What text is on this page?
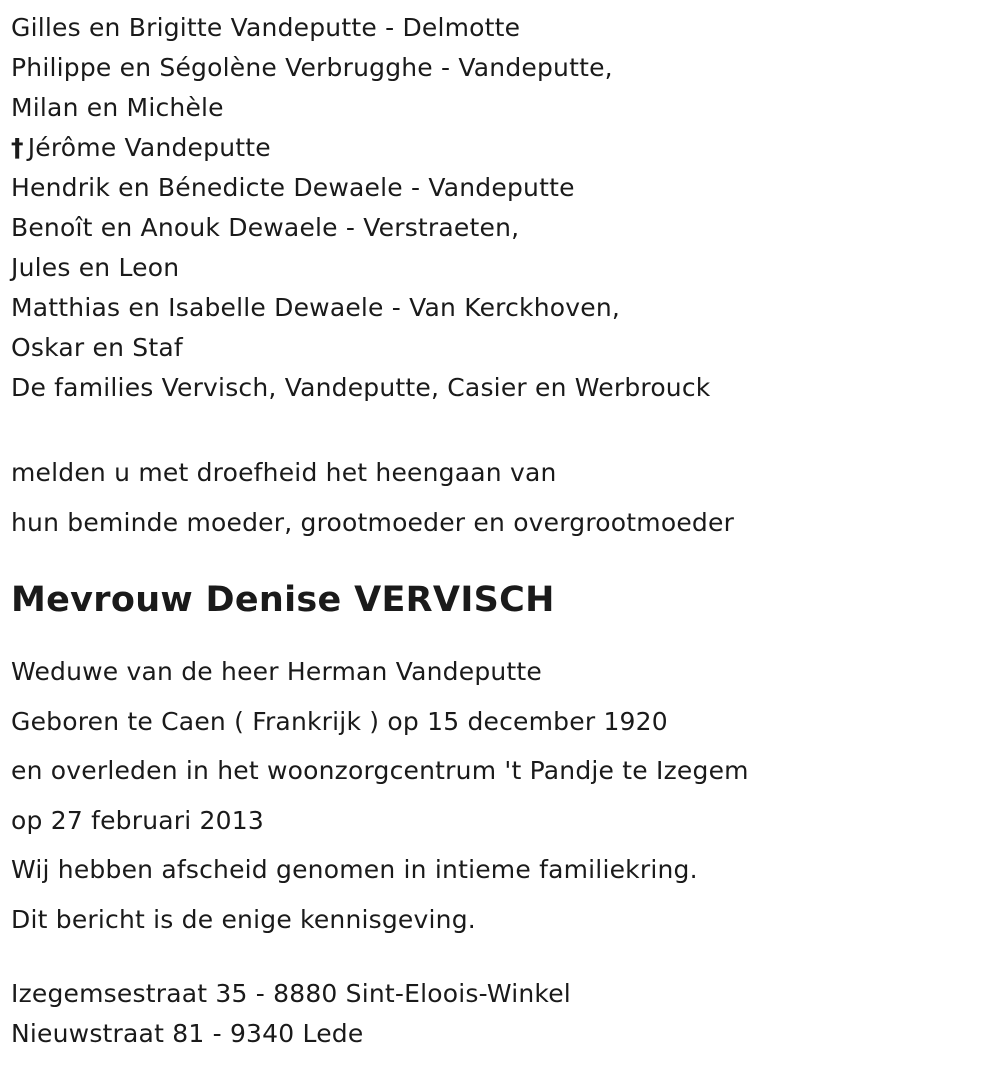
Gilles en Brigitte Vandeputte - Delmotte
Philippe en Ségolène Verbrugghe - Vandeputte,
Milan en Michèle
† Jérôme Vandeputte
Hendrik en Bénedicte Dewaele - Vandeputte
Benoît en Anouk Dewaele - Verstraeten,
Jules en Leon
Matthias en Isabelle Dewaele - Van Kerckhoven,
Oskar en Staf
De families Vervisch, Vandeputte, Casier en Werbrouck
melden u met droefheid het heengaan van
hun beminde moeder, grootmoeder en overgrootmoeder
Mevrouw Denise VERVISCH
Weduwe van de heer Herman Vandeputte
Geboren te Caen ( Frankrijk ) op 15 december 1920
en overleden in het woonzorgcentrum 't Pandje te Izegem
op 27 februari 2013
Wij hebben afscheid genomen in intieme familiekring.
Dit bericht is de enige kennisgeving.
Izegemsestraat 35 - 8880 Sint-Eloois-Winkel
Nieuwstraat 81 - 9340 Lede
